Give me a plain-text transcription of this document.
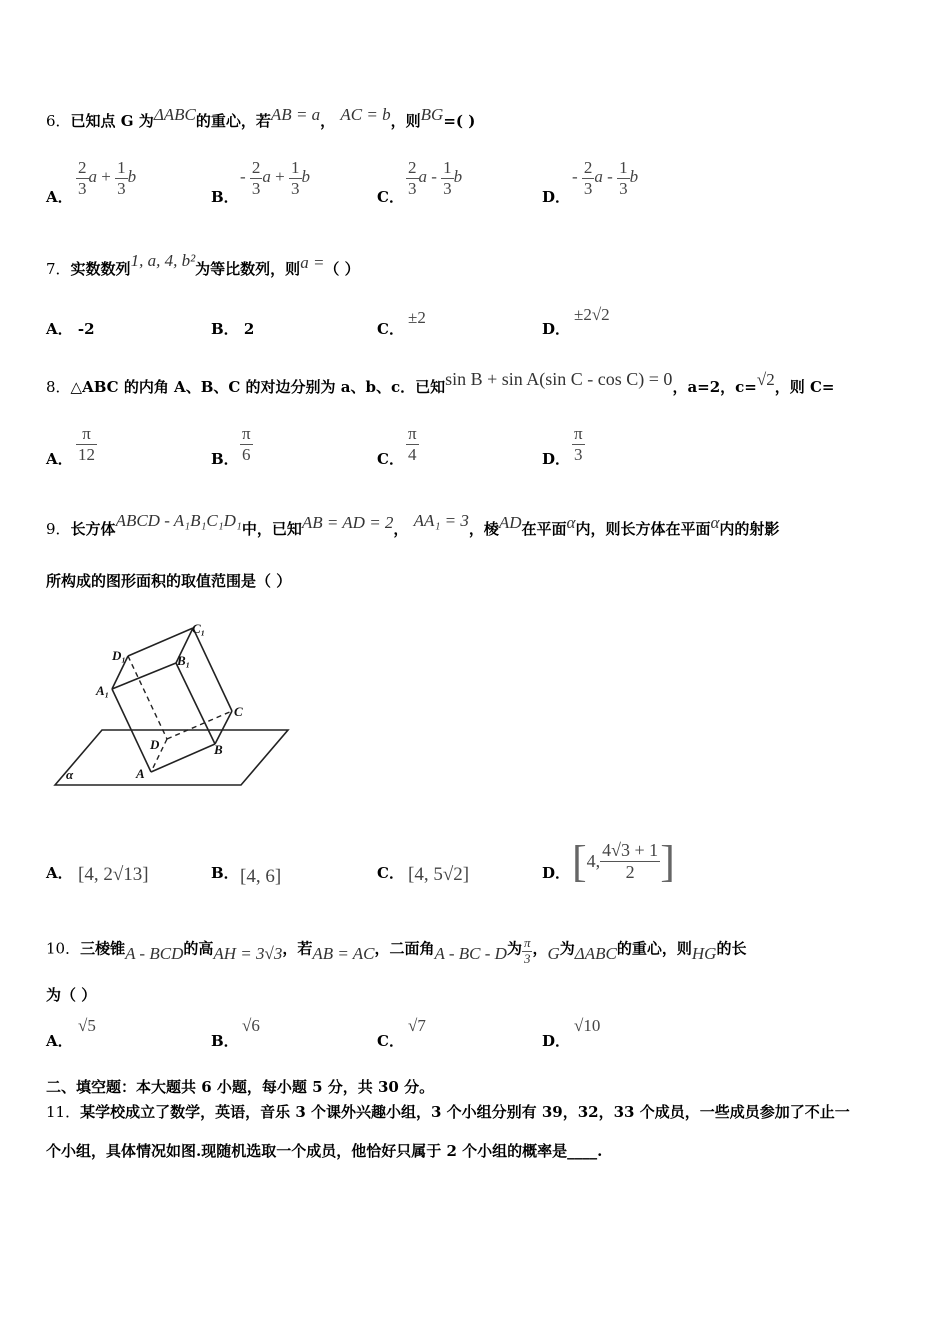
6．已知点 G 为ΔABC的重心，若AB = a， AC = b，则BG=( )
A． $\frac{2}{3}$ $a + \frac{1}{3}$ b
B．
- $\frac{2}{3}$ $a + \frac{1}{3}$ b
C． $\frac{2}{3}$ a - $\frac{1}{3}$ b
D．
- $\frac{2}{3}$ a - $\frac{1}{3}$ b
7．实数数列1, a, 4, b²为等比数列，则a =（ ）
A． -2	B． 2	C．
±2
D．
±2√2
8．△ABC 的内角 A、B、C 的对边分别为 a、b、c．已知sin B + sin A(sin C - cos C) = 0，a=2，c=√2，则 C=
A． $\frac{\pi}{12}$	B． $\frac{\pi}{6}$	C． $\frac{\pi}{4}$	D． $\frac{\pi}{3}$
9．长方体ABCD - A₁B₁C₁D₁中，已知AB = AD = 2， AA₁ = 3，棱AD在平面α内，则长方体在平面α内的射影
所构成的图形面积的取值范围是（ ）
C₁
D₁	B₁
A₁
C
D	B
A
α
A． [4, 2√13]	B． [4, 6]	C． [4, 5√2]	D． [4, $\frac{4√3 + 1}{2}$ ]
10．三棱锥A - BCD的高AH = 3√3，若AB = AC，二面角A - BC - D为 $\frac{\pi}{3}$ ，G为ΔABC的重心，则HG的长
为（ ）
A．
√5
B．
√6
C．
√7
D．
√10
二、填空题：本大题共 6 小题，每小题 5 分，共 30 分。
11．某学校成立了数学，英语，音乐 3 个课外兴趣小组，3 个小组分别有 39，32，33 个成员，一些成员参加了不止一
个小组，具体情况如图.现随机选取一个成员，他恰好只属于 2 个小组的概率是____.
